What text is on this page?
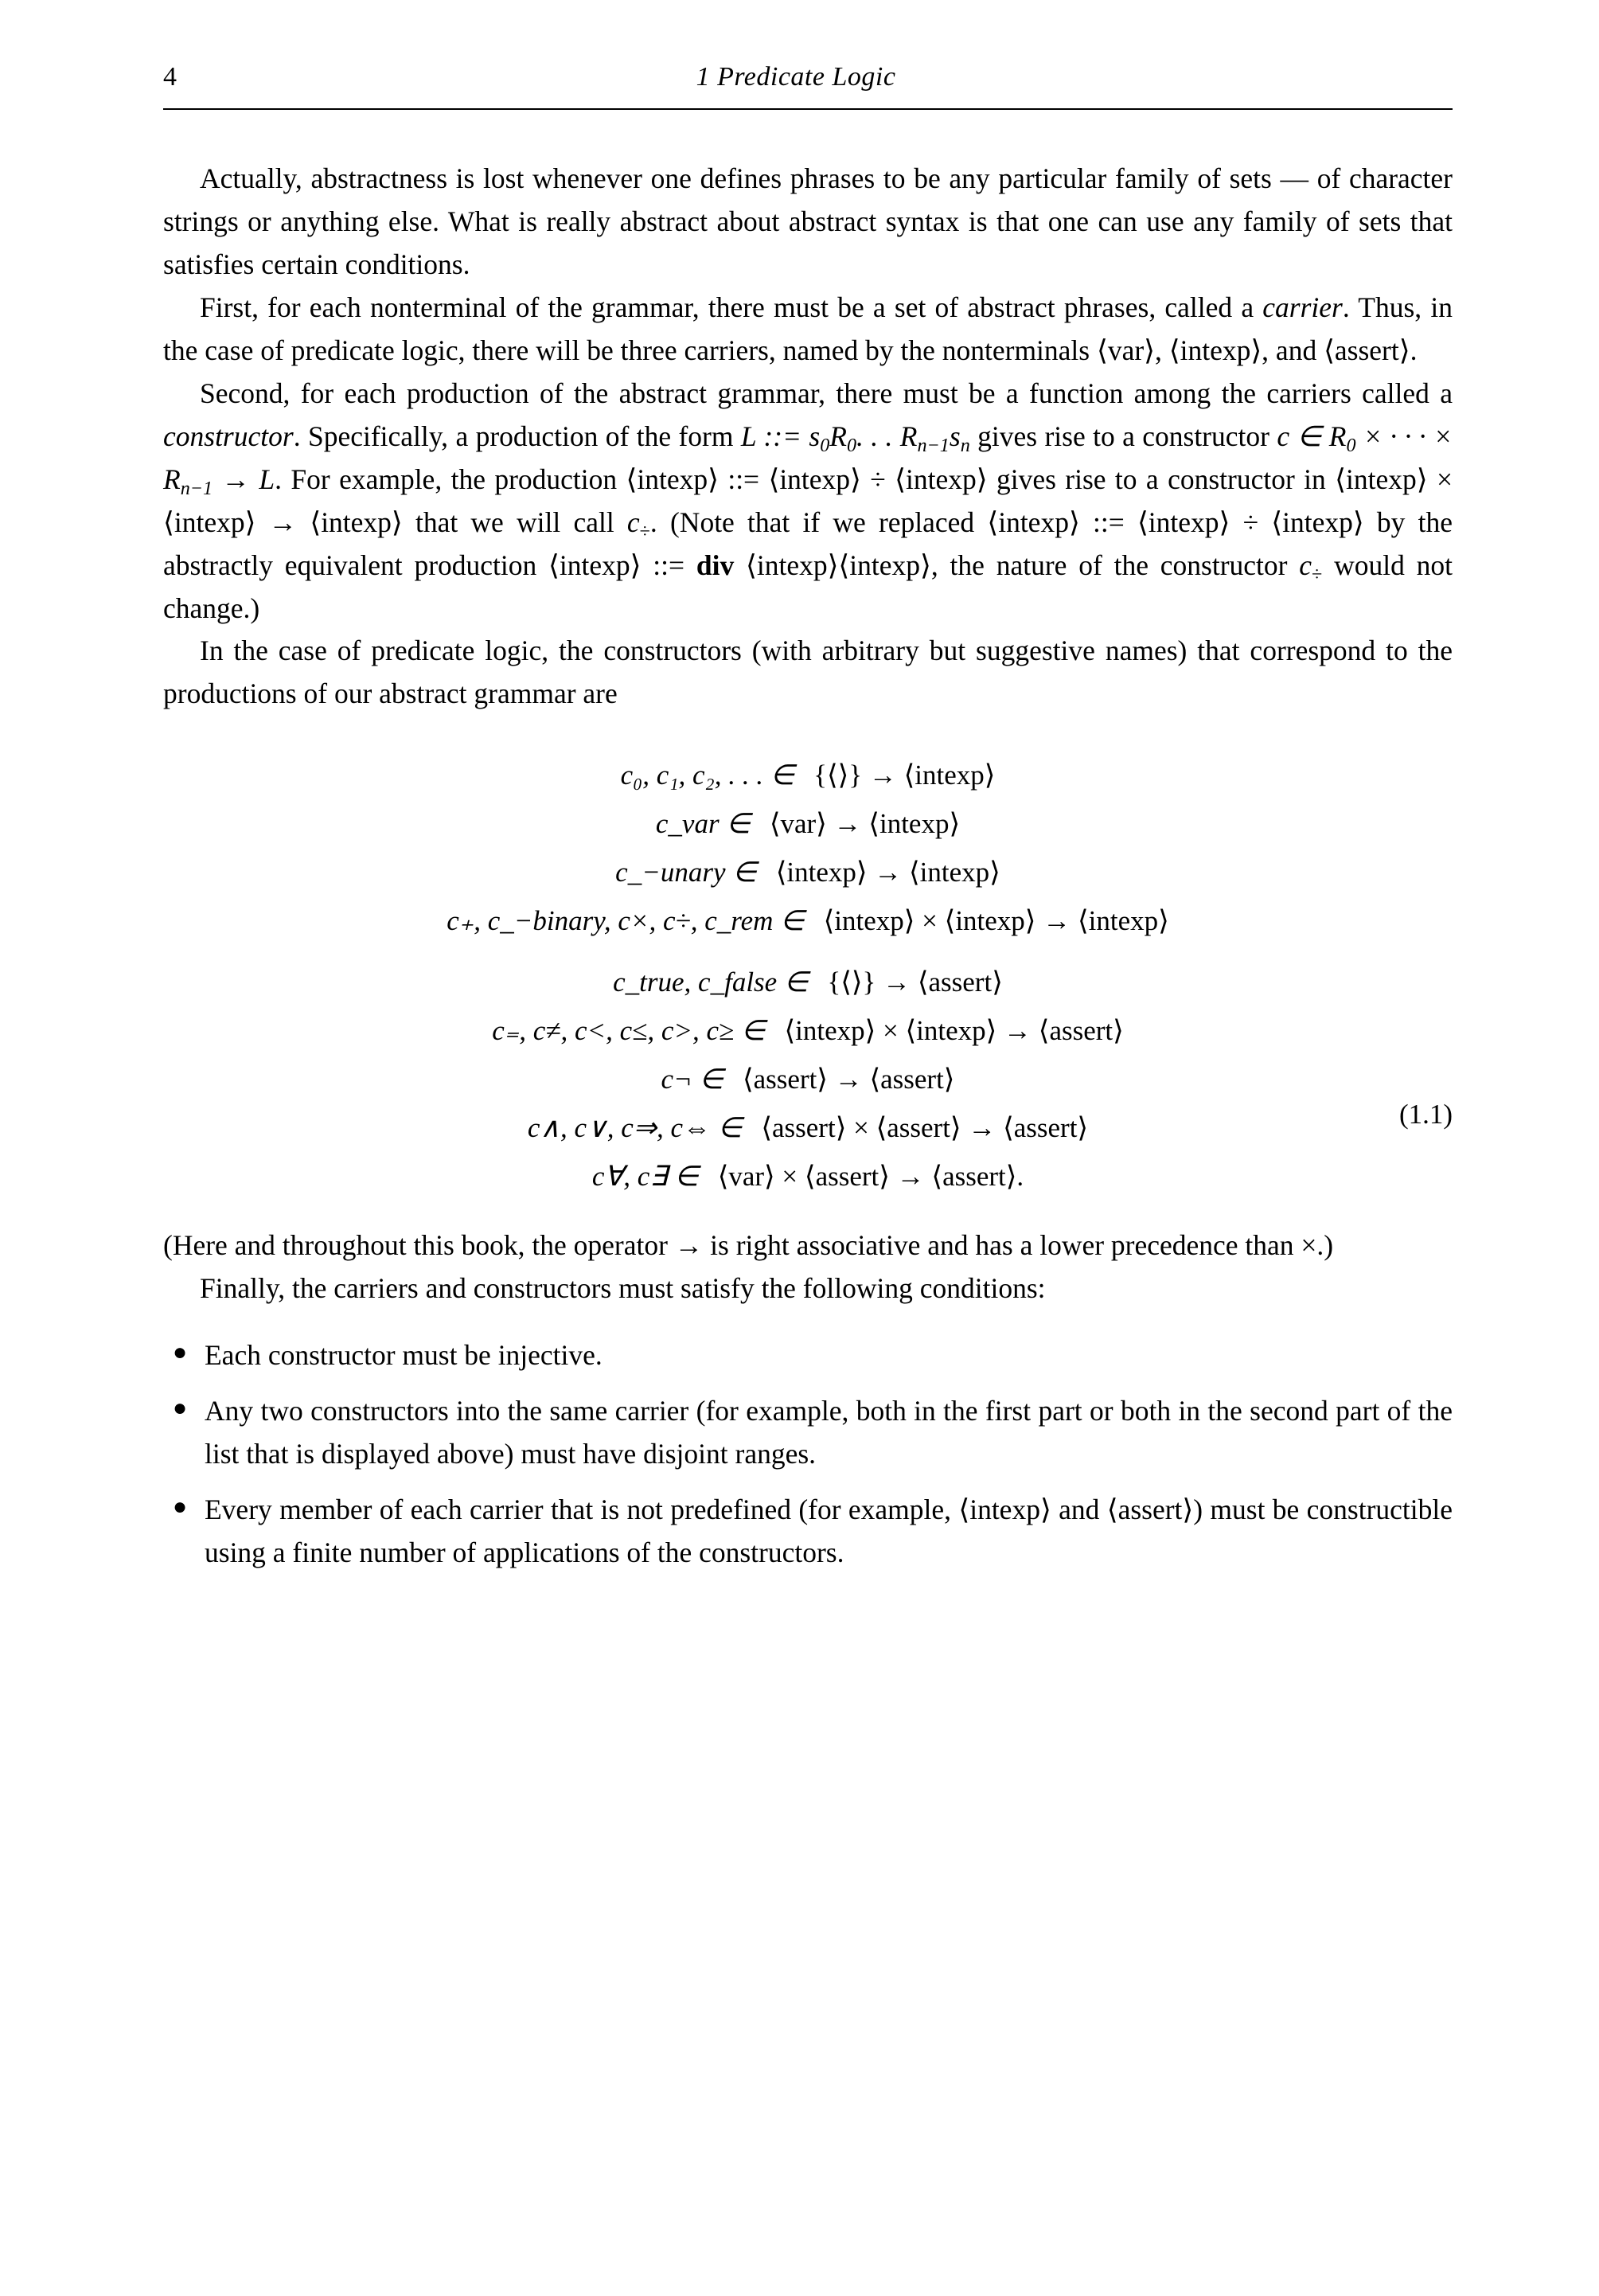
4	1 Predicate Logic

Actually, abstractness is lost whenever one defines phrases to be any particular family of sets — of character strings or anything else. What is really abstract about abstract syntax is that one can use any family of sets that satisfies certain conditions.

First, for each nonterminal of the grammar, there must be a set of abstract phrases, called a carrier. Thus, in the case of predicate logic, there will be three carriers, named by the nonterminals ⟨var⟩, ⟨intexp⟩, and ⟨assert⟩.

Second, for each production of the abstract grammar, there must be a function among the carriers called a constructor. Specifically, a production of the form L ::= $s_0R_0$. . . $R_{n-1}s_n$ gives rise to a constructor c ∈ $R_0$ × · · · × $R_{n-1} \to L$. For example, the production ⟨intexp⟩ ::= ⟨intexp⟩ ÷ ⟨intexp⟩ gives rise to a constructor in ⟨intexp⟩ × ⟨intexp⟩ → ⟨intexp⟩ that we will call $c_\div$. (Note that if we replaced ⟨intexp⟩ ::= ⟨intexp⟩ ÷ ⟨intexp⟩ by the abstractly equivalent production ⟨intexp⟩ ::= div ⟨intexp⟩⟨intexp⟩, the nature of the constructor $c_\div$ would not change.)

In the case of predicate logic, the constructors (with arbitrary but suggestive names) that correspond to the productions of our abstract grammar are

c₀, c₁, c₂, . . . ∈ {⟨⟩} → ⟨intexp⟩
c_var ∈ ⟨var⟩ → ⟨intexp⟩
c_−unary ∈ ⟨intexp⟩ → ⟨intexp⟩
c₊, c_−binary, c×, c÷, c_rem ∈ ⟨intexp⟩ × ⟨intexp⟩ → ⟨intexp⟩
c_true, c_false ∈ {⟨⟩} → ⟨assert⟩
c₌, c≠, c<, c≤, c>, c≥ ∈ ⟨intexp⟩ × ⟨intexp⟩ → ⟨assert⟩
c¬ ∈ ⟨assert⟩ → ⟨assert⟩
c∧, c∨, c⇒, c⇔ ∈ ⟨assert⟩ × ⟨assert⟩ → ⟨assert⟩
c∀, c∃ ∈ ⟨var⟩ × ⟨assert⟩ → ⟨assert⟩.
(1.1)

(Here and throughout this book, the operator → is right associative and has a lower precedence than ×.)

Finally, the carriers and constructors must satisfy the following conditions:

● Each constructor must be injective.
● Any two constructors into the same carrier (for example, both in the first part or both in the second part of the list that is displayed above) must have disjoint ranges.
● Every member of each carrier that is not predefined (for example, ⟨intexp⟩ and ⟨assert⟩) must be constructible using a finite number of applications of the constructors.
